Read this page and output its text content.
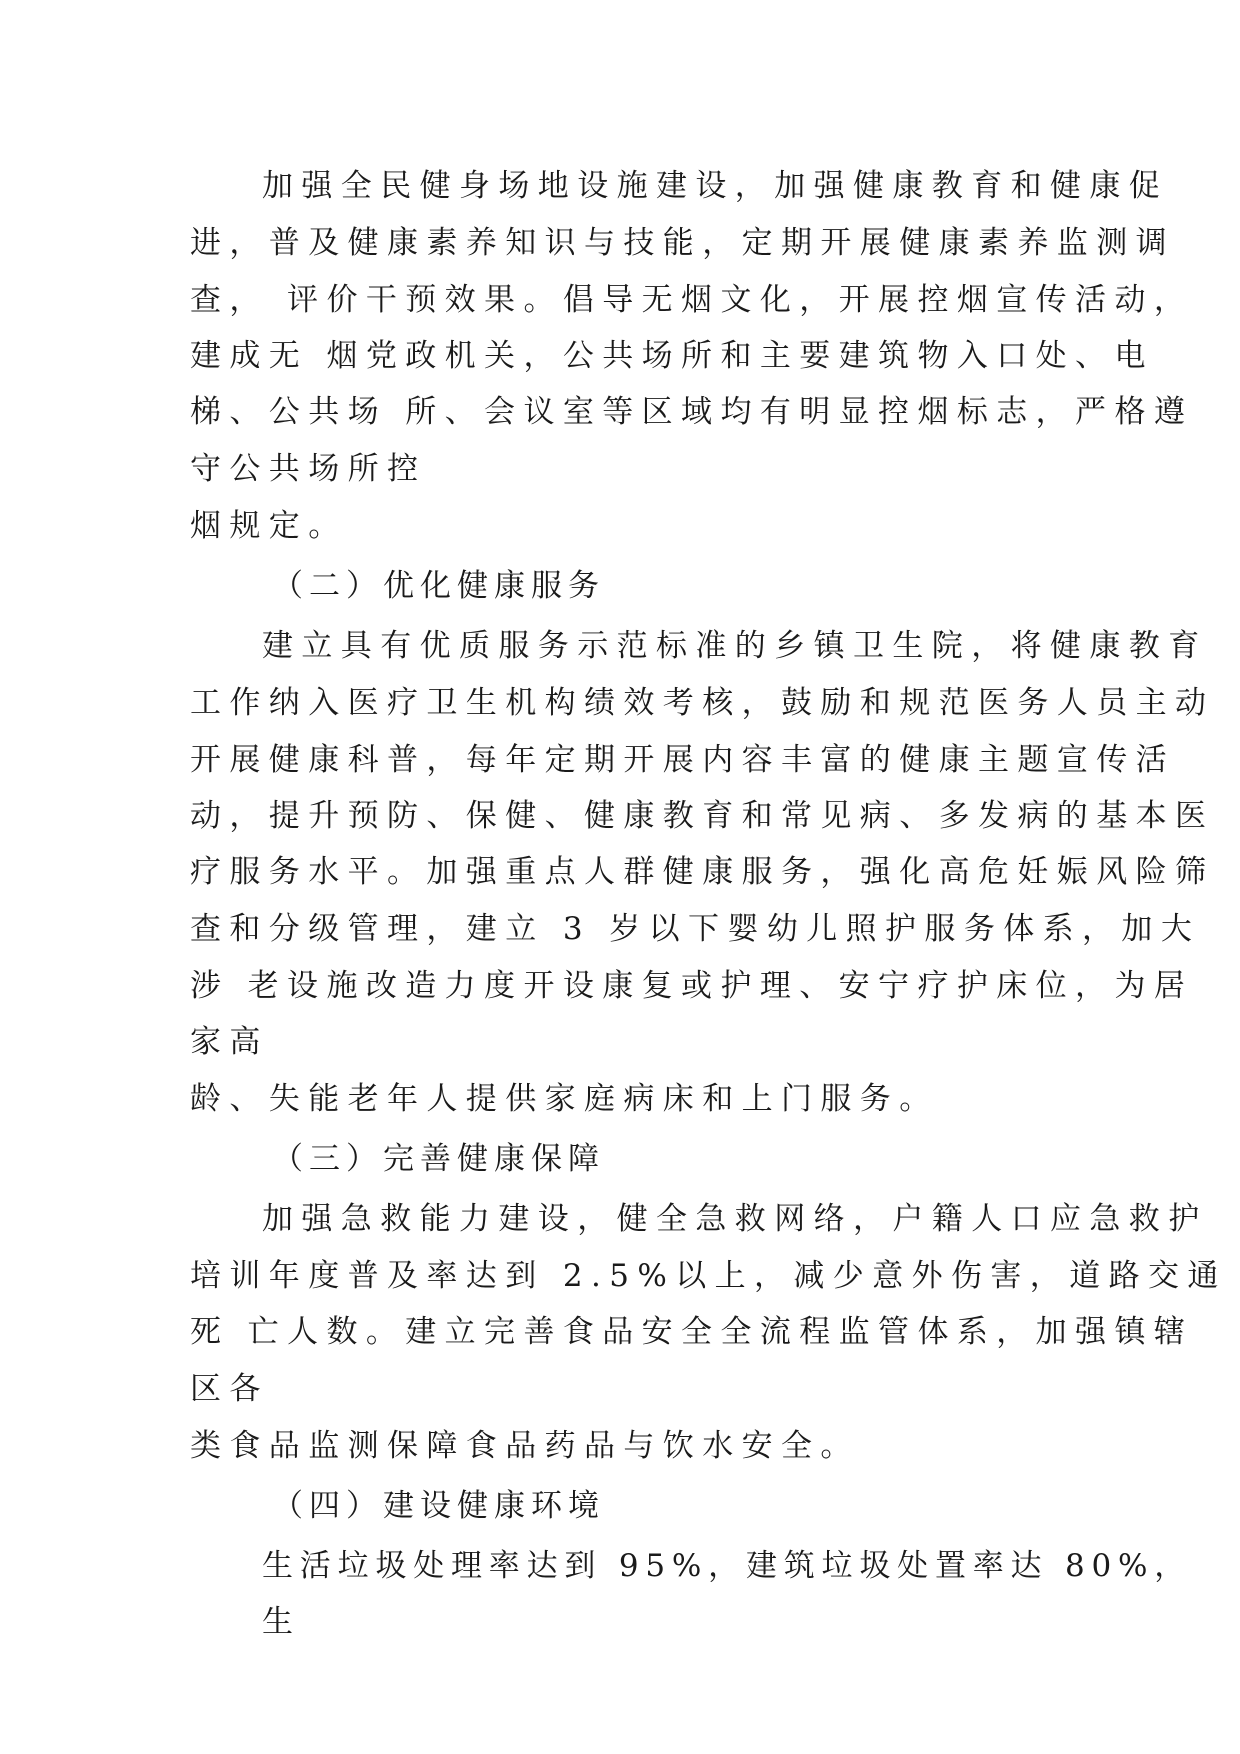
加强全民健身场地设施建设，加强健康教育和健康促

进，普及健康素养知识与技能，定期开展健康素养监测调

查， 评价干预效果。倡导无烟文化，开展控烟宣传活动，

建成无 烟党政机关，公共场所和主要建筑物入口处、电

梯、公共场 所、会议室等区域均有明显控烟标志，严格遵

守公共场所控

烟规定。

（二）优化健康服务

建立具有优质服务示范标准的乡镇卫生院，将健康教育

工作纳入医疗卫生机构绩效考核，鼓励和规范医务人员主动

开展健康科普，每年定期开展内容丰富的健康主题宣传活

动，提升预防、保健、健康教育和常见病、多发病的基本医

疗服务水平。加强重点人群健康服务，强化高危妊娠风险筛

查和分级管理，建立 3 岁以下婴幼儿照护服务体系，加大

涉 老设施改造力度开设康复或护理、安宁疗护床位，为居

家高

龄、失能老年人提供家庭病床和上门服务。

（三）完善健康保障

加强急救能力建设，健全急救网络，户籍人口应急救护

培训年度普及率达到 2.5%以上，减少意外伤害，道路交通

死 亡人数。建立完善食品安全全流程监管体系，加强镇辖

区各

类食品监测保障食品药品与饮水安全。

（四）建设健康环境

生活垃圾处理率达到 95%，建筑垃圾处置率达 80%，

生
